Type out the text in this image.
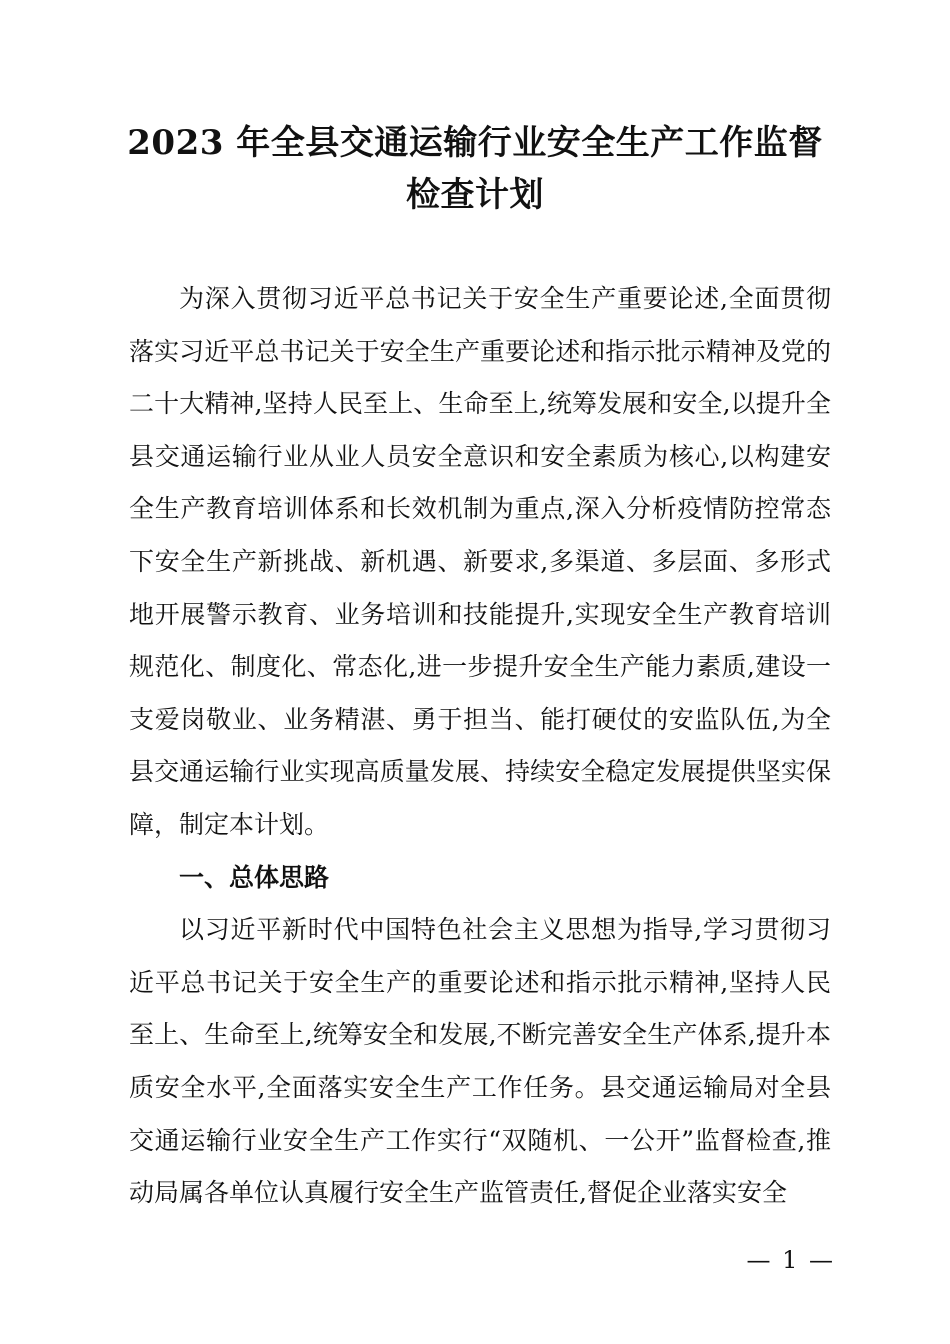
2023 年全县交通运输行业安全生产工作监督
检查计划

为深入贯彻习近平总书记关于安全生产重要论述,全面贯彻落实习近平总书记关于安全生产重要论述和指示批示精神及党的二十大精神,坚持人民至上、生命至上,统筹发展和安全,以提升全县交通运输行业从业人员安全意识和安全素质为核心,以构建安全生产教育培训体系和长效机制为重点,深入分析疫情防控常态下安全生产新挑战、新机遇、新要求,多渠道、多层面、多形式地开展警示教育、业务培训和技能提升,实现安全生产教育培训规范化、制度化、常态化,进一步提升安全生产能力素质,建设一支爱岗敬业、业务精湛、勇于担当、能打硬仗的安监队伍,为全县交通运输行业实现高质量发展、持续安全稳定发展提供坚实保障，制定本计划。

一、总体思路

以习近平新时代中国特色社会主义思想为指导,学习贯彻习近平总书记关于安全生产的重要论述和指示批示精神,坚持人民至上、生命至上,统筹安全和发展,不断完善安全生产体系,提升本质安全水平,全面落实安全生产工作任务。县交通运输局对全县交通运输行业安全生产工作实行“双随机、一公开”监督检查,推动局属各单位认真履行安全生产监管责任,督促企业落实安全

— 1 —
